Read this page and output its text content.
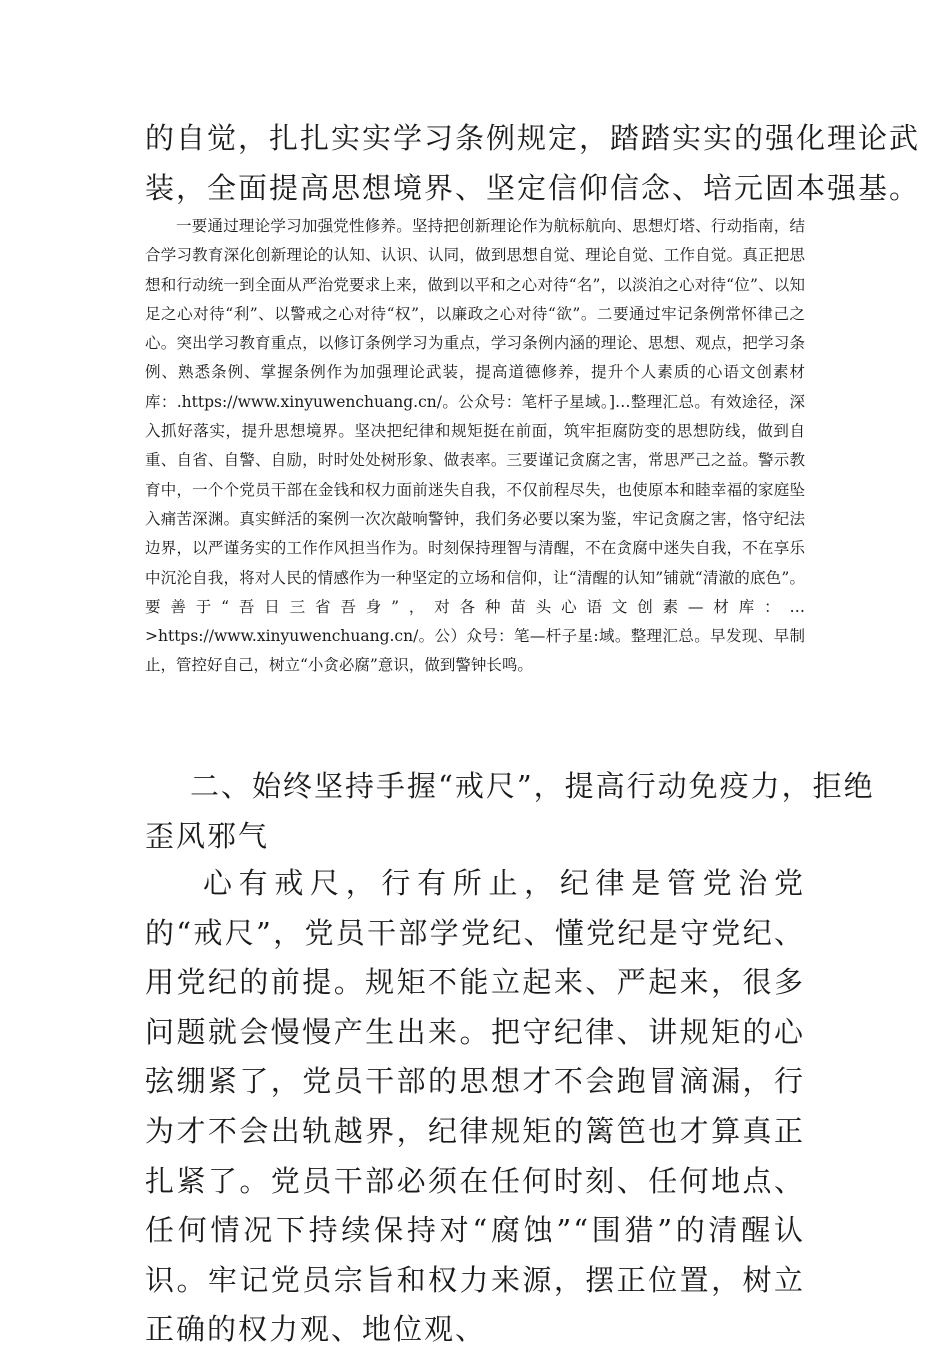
的自觉，扎扎实实学习条例规定，踏踏实实的强化理论武
装，全面提高思想境界、坚定信仰信念、培元固本强基。
一要通过理论学习加强党性修养。坚持把创新理论作为航标航向、思想灯塔、行动指南，结合学习教育深化创新理论的认知、认识、认同，做到思想自觉、理论自觉、工作自觉。真正把思想和行动统一到全面从严治党要求上来，做到以平和之心对待“名”，以淡泊之心对待“位”、以知足之心对待“利”、以警戒之心对待“权”，以廉政之心对待“欲”。二要通过牢记条例常怀律己之心。突出学习教育重点，以修订条例学习为重点，学习条例内涵的理论、思想、观点，把学习条例、熟悉条例、掌握条例作为加强理论武装，提高道德修养，提升个人素质的心语文创素材库：.https://www.xinyuwenchuang.cn/。公众号：笔杆子星域。]…整理汇总。有效途径，深入抓好落实，提升思想境界。坚决把纪律和规矩挺在前面，筑牢拒腐防变的思想防线，做到自重、自省、自警、自励，时时处处树形象、做表率。三要谨记贪腐之害，常思严己之益。警示教育中，一个个党员干部在金钱和权力面前迷失自我，不仅前程尽失，也使原本和睦幸福的家庭坠入痛苦深渊。真实鲜活的案例一次次敲响警钟，我们务必要以案为鉴，牢记贪腐之害，恪守纪法边界，以严谨务实的工作作风担当作为。时刻保持理智与清醒，不在贪腐中迷失自我，不在享乐中沉沦自我，将对人民的情感作为一种坚定的立场和信仰，让“清醒的认知”铺就“清澈的底色”。要善于“吾日三省吾身”，对各种苗头心语文创素—材库：…>https://www.xinyuwenchuang.cn/。公）众号：笔—杆子星:域。整理汇总。早发现、早制止，管控好自己，树立“小贪必腐”意识，做到警钟长鸣。
二、始终坚持手握“戒尺”，提高行动免疫力，拒绝
歪风邪气
心有戒尺，行有所止，纪律是管党治党的“戒尺”，党员干部学党纪、懂党纪是守党纪、用党纪的前提。规矩不能立起来、严起来，很多问题就会慢慢产生出来。把守纪律、讲规矩的心弦绷紧了，党员干部的思想才不会跑冒滴漏，行为才不会出轨越界，纪律规矩的篱笆也才算真正扎紧了。党员干部必须在任何时刻、任何地点、任何情况下持续保持对“腐蚀”“围猎”的清醒认识。牢记党员宗旨和权力来源，摆正位置，树立正确的权力观、地位观、
